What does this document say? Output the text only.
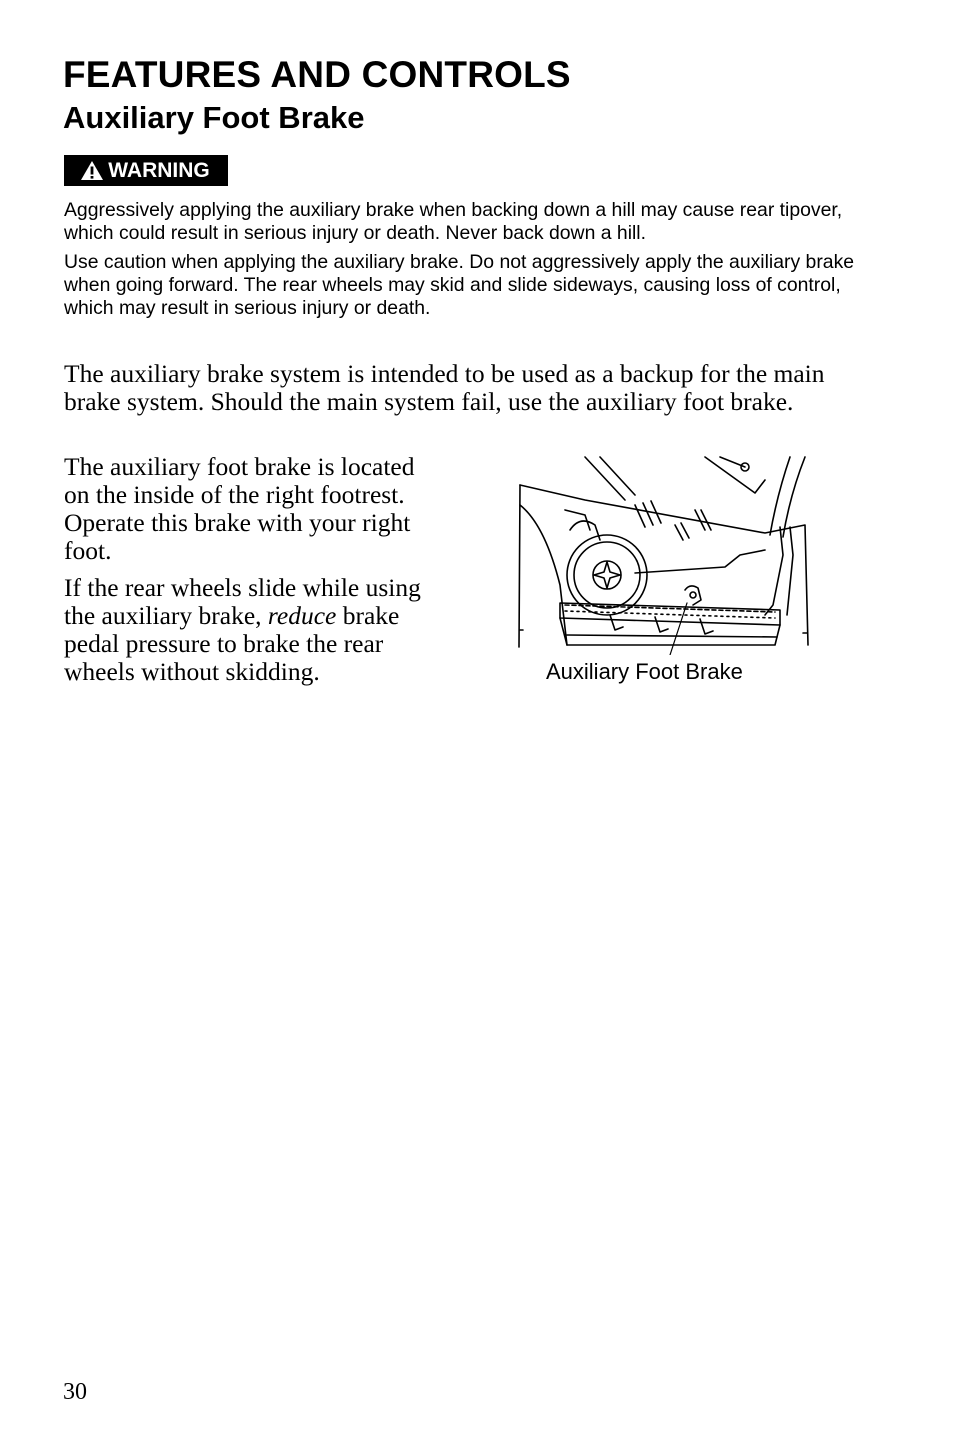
FEATURES AND CONTROLS
Auxiliary Foot Brake
WARNING
Aggressively applying the auxiliary brake when backing down a hill may cause rear tipover, which could result in serious injury or death. Never back down a hill.
Use caution when applying the auxiliary brake. Do not aggressively apply the auxiliary brake when going forward. The rear wheels may skid and slide sideways, causing loss of control, which may result in serious injury or death.
The auxiliary brake system is intended to be used as a backup for the main brake system. Should the main system fail, use the auxiliary foot brake.
The auxiliary foot brake is located on the inside of the right footrest. Operate this brake with your right foot.
If the rear wheels slide while using the auxiliary brake, reduce brake pedal pressure to brake the rear wheels without skidding.	Auxiliary Foot Brake
30
